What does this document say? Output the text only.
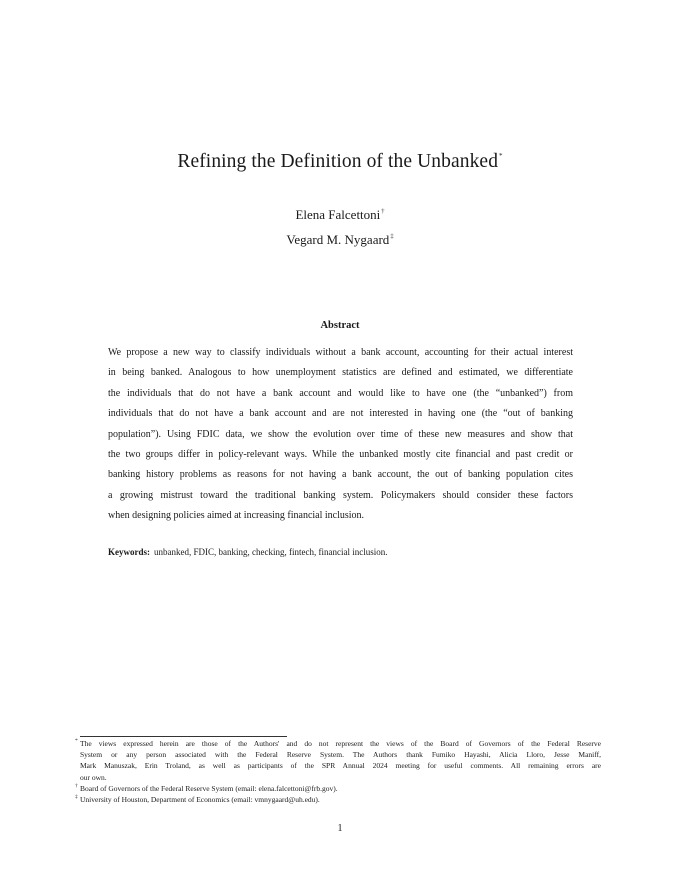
Refining the Definition of the Unbanked*
Elena Falcettoni†
Vegard M. Nygaard‡
Abstract
We propose a new way to classify individuals without a bank account, accounting for their actual interest
in being banked. Analogous to how unemployment statistics are defined and estimated, we differentiate
the individuals that do not have a bank account and would like to have one (the “unbanked”) from
individuals that do not have a bank account and are not interested in having one (the “out of banking
population”). Using FDIC data, we show the evolution over time of these new measures and show that
the two groups differ in policy-relevant ways. While the unbanked mostly cite financial and past credit or
banking history problems as reasons for not having a bank account, the out of banking population cites
a growing mistrust toward the traditional banking system. Policymakers should consider these factors
when designing policies aimed at increasing financial inclusion.
Keywords: unbanked, FDIC, banking, checking, fintech, financial inclusion.
* The views expressed herein are those of the Authors' and do not represent the views of the Board of Governors of the Federal Reserve
System or any person associated with the Federal Reserve System. The Authors thank Fumiko Hayashi, Alicia Lloro, Jesse Maniff,
Mark Manuszak, Erin Troland, as well as participants of the SPR Annual 2024 meeting for useful comments. All remaining errors are
our own.
† Board of Governors of the Federal Reserve System (email: elena.falcettoni@frb.gov).
‡ University of Houston, Department of Economics (email: vmnygaard@uh.edu).
1
